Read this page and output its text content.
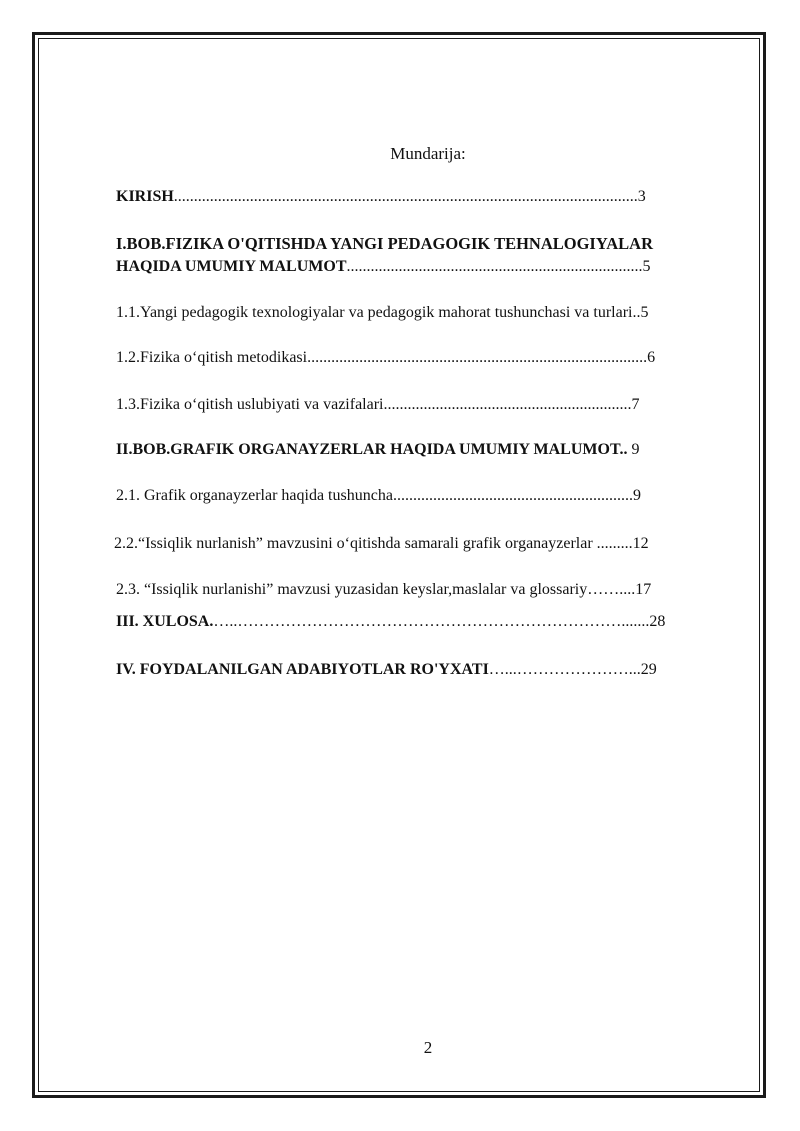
Mundarija:
KIRISH....................................................................................................................3
I.BOB.FIZIKA O'QITISHDA YANGI PEDAGOGIK TEHNALOGIYALAR
HAQIDA UMUMIY MALUMOT..........................................................................5
1.1.Yangi pedagogik texnologiyalar va pedagogik mahorat tushunchasi va turlari..5
1.2.Fizika o‘qitish metodikasi.....................................................................................6
1.3.Fizika o‘qitish uslubiyati va vazifalari..............................................................7
II.BOB.GRAFIK ORGANAYZERLAR HAQIDA UMUMIY MALUMOT.. 9
2.1. Grafik organayzerlar haqida tushuncha............................................................9
2.2.“Issiqlik nurlanish” mavzusini o‘qitishda samarali grafik organayzerlar .........12
2.3. “Issiqlik nurlanishi” mavzusi yuzasidan keyslar,maslalar va glossariy……....17
III. XULOSA.…..……………………………………………………………….......28
IV. FOYDALANILGAN ADABIYOTLAR RO'YXATI…...…………………...29
2
